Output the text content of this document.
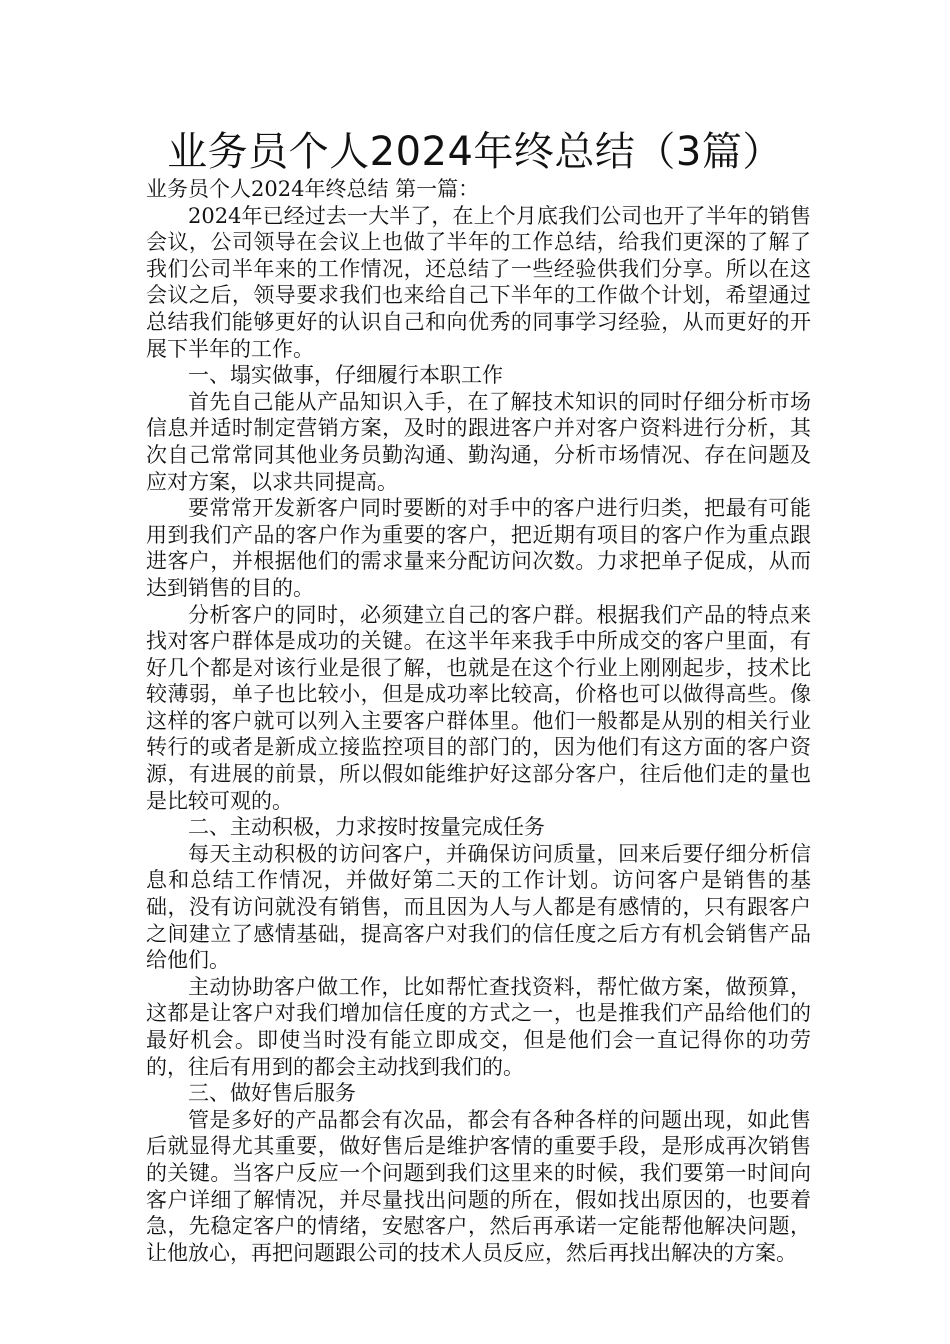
业务员个人2024年终总结（3篇）

业务员个人2024年终总结 第一篇：

2024年已经过去一大半了，在上个月底我们公司也开了半年的销售会议，公司领导在会议上也做了半年的工作总结，给我们更深的了解了我们公司半年来的工作情况，还总结了一些经验供我们分享。所以在这会议之后，领导要求我们也来给自己下半年的工作做个计划，希望通过总结我们能够更好的认识自己和向优秀的同事学习经验，从而更好的开展下半年的工作。

一、塌实做事，仔细履行本职工作

首先自己能从产品知识入手，在了解技术知识的同时仔细分析市场信息并适时制定营销方案，及时的跟进客户并对客户资料进行分析，其次自己常常同其他业务员勤沟通、勤沟通，分析市场情况、存在问题及应对方案，以求共同提高。

要常常开发新客户同时要断的对手中的客户进行归类，把最有可能用到我们产品的客户作为重要的客户，把近期有项目的客户作为重点跟进客户，并根据他们的需求量来分配访问次数。力求把单子促成，从而达到销售的目的。

分析客户的同时，必须建立自己的客户群。根据我们产品的特点来找对客户群体是成功的关键。在这半年来我手中所成交的客户里面，有好几个都是对该行业是很了解，也就是在这个行业上刚刚起步，技术比较薄弱，单子也比较小，但是成功率比较高，价格也可以做得高些。像这样的客户就可以列入主要客户群体里。他们一般都是从别的相关行业转行的或者是新成立接监控项目的部门的，因为他们有这方面的客户资源，有进展的前景，所以假如能维护好这部分客户，往后他们走的量也是比较可观的。

二、主动积极，力求按时按量完成任务

每天主动积极的访问客户，并确保访问质量，回来后要仔细分析信息和总结工作情况，并做好第二天的工作计划。访问客户是销售的基础，没有访问就没有销售，而且因为人与人都是有感情的，只有跟客户之间建立了感情基础，提高客户对我们的信任度之后方有机会销售产品给他们。

主动协助客户做工作，比如帮忙查找资料，帮忙做方案，做预算，这都是让客户对我们增加信任度的方式之一，也是推我们产品给他们的最好机会。即使当时没有能立即成交，但是他们会一直记得你的功劳的，往后有用到的都会主动找到我们的。

三、做好售后服务

管是多好的产品都会有次品，都会有各种各样的问题出现，如此售后就显得尤其重要，做好售后是维护客情的重要手段，是形成再次销售的关键。当客户反应一个问题到我们这里来的时候，我们要第一时间向客户详细了解情况，并尽量找出问题的所在，假如找出原因的，也要着急，先稳定客户的情绪，安慰客户，然后再承诺一定能帮他解决问题，让他放心，再把问题跟公司的技术人员反应，然后再找出解决的方案。
